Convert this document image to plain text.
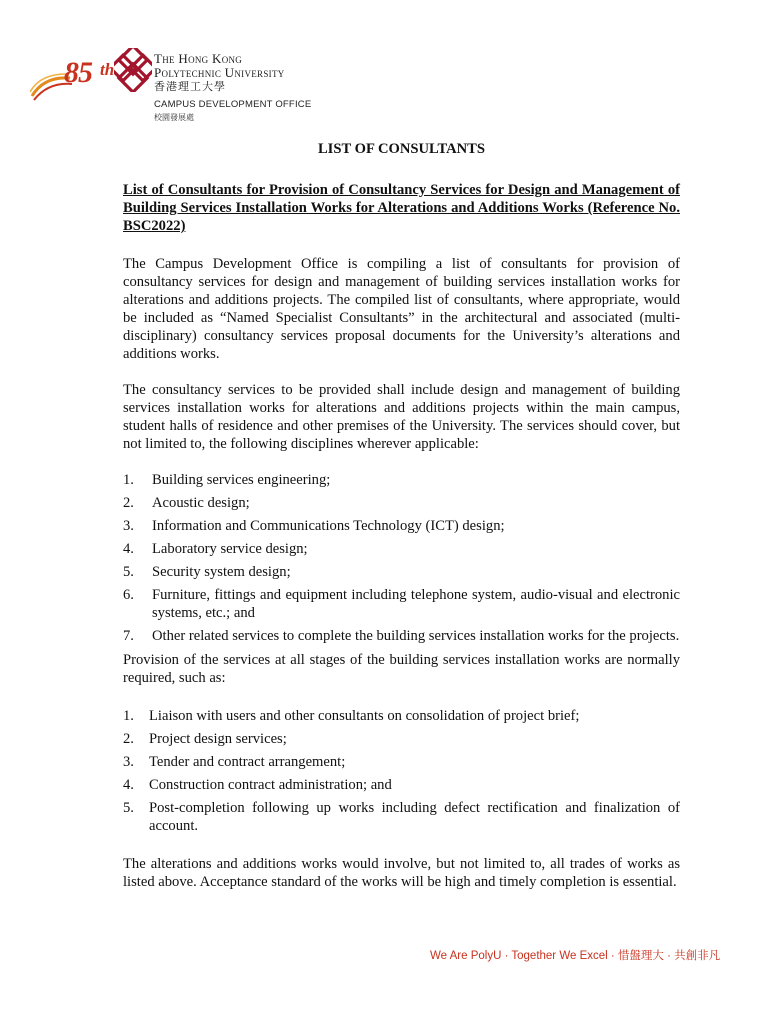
85 th
The Hong Kong
Polytechnic University
香港理工大學
CAMPUS DEVELOPMENT OFFICE
校園發展處
LIST OF CONSULTANTS
List of Consultants for Provision of Consultancy Services for Design and Management of Building Services Installation Works for Alterations and Additions Works (Reference No. BSC2022)

The Campus Development Office is compiling a list of consultants for provision of consultancy services for design and management of building services installation works for alterations and additions projects. The compiled list of consultants, where appropriate, would be included as “Named Specialist Consultants” in the architectural and associated (multi-disciplinary) consultancy services proposal documents for the University’s alterations and additions works.

The consultancy services to be provided shall include design and management of building services installation works for alterations and additions projects within the main campus, student halls of residence and other premises of the University. The services should cover, but not limited to, the following disciplines wherever applicable:

1. Building services engineering;
2. Acoustic design;
3. Information and Communications Technology (ICT) design;
4. Laboratory service design;
5. Security system design;
6. Furniture, fittings and equipment including telephone system, audio-visual and electronic systems, etc.; and
7. Other related services to complete the building services installation works for the projects.

Provision of the services at all stages of the building services installation works are normally required, such as:

1. Liaison with users and other consultants on consolidation of project brief;
2. Project design services;
3. Tender and contract arrangement;
4. Construction contract administration; and
5. Post-completion following up works including defect rectification and finalization of account.

The alterations and additions works would involve, but not limited to, all trades of works as listed above. Acceptance standard of the works will be high and timely completion is essential.

We Are PolyU · Together We Excel · 惜盤理大 · 共創非凡
